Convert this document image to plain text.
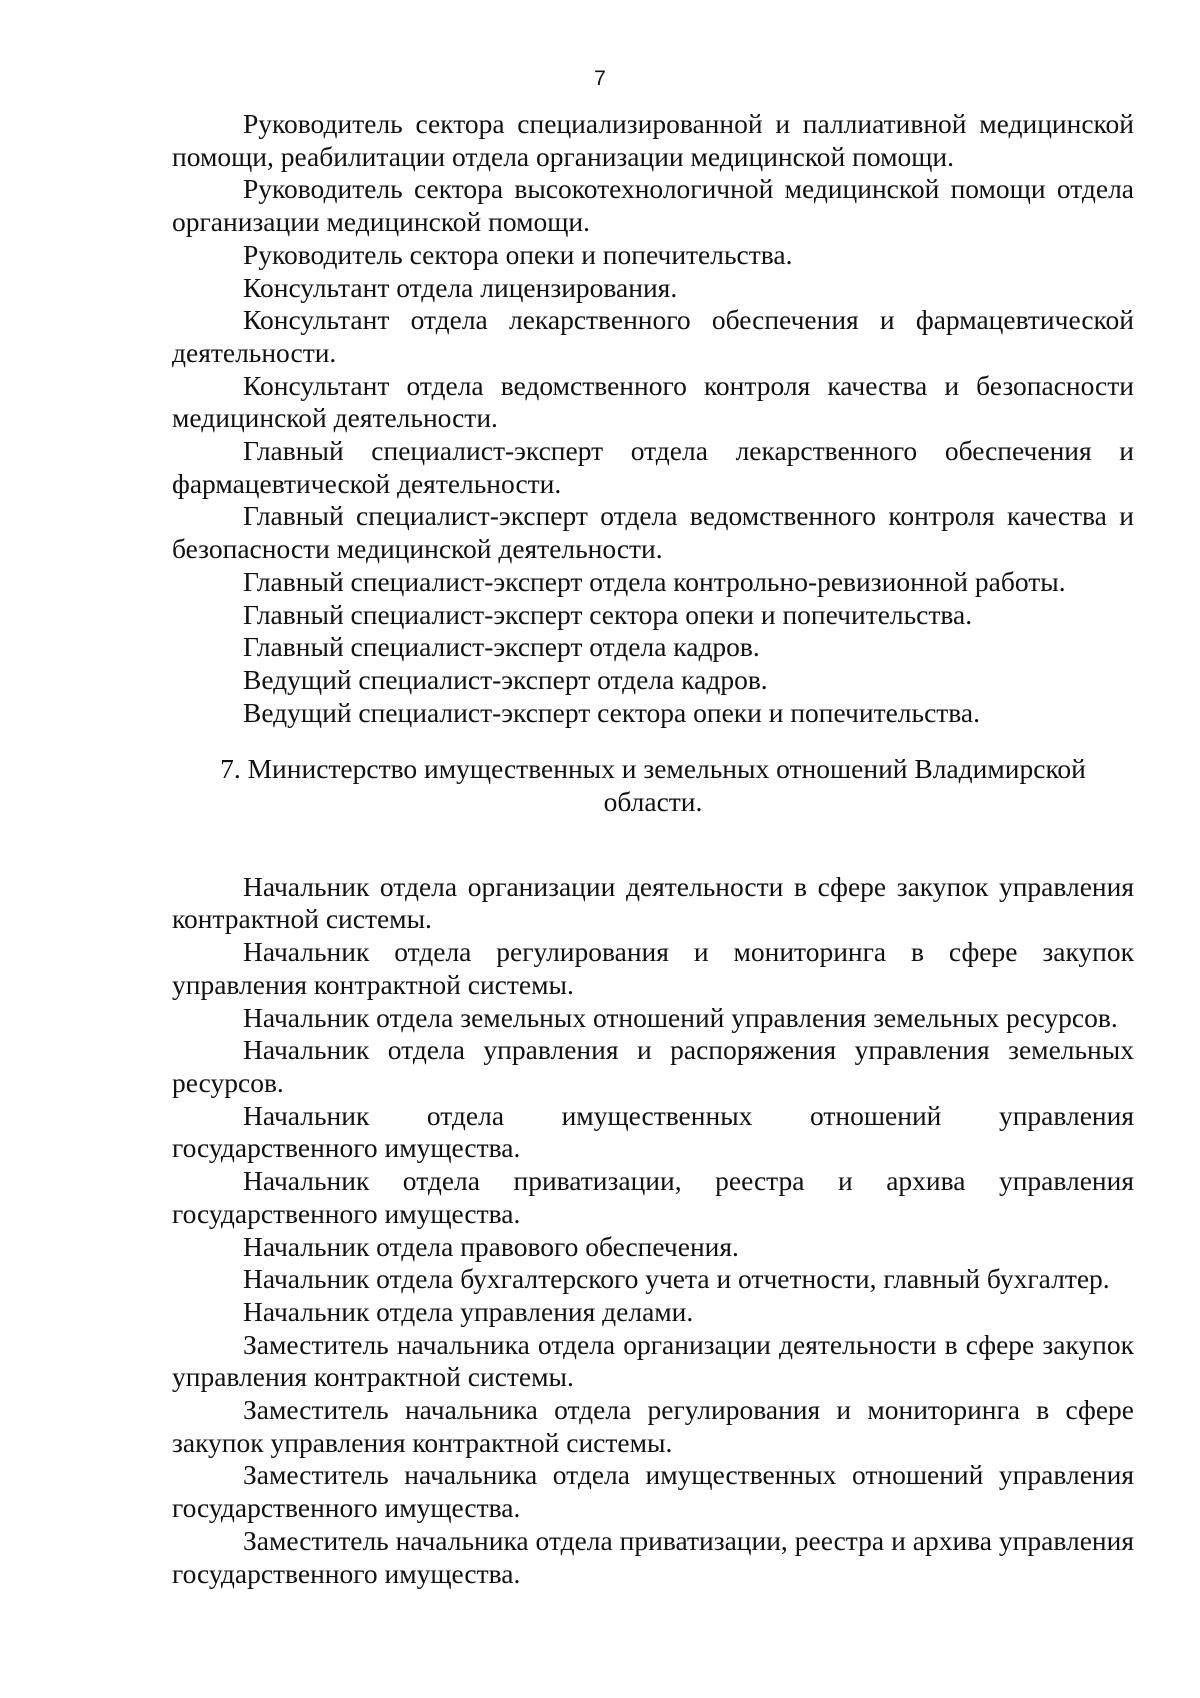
7

Руководитель сектора специализированной и паллиативной медицинской помощи, реабилитации отдела организации медицинской помощи.

Руководитель сектора высокотехнологичной медицинской помощи отдела организации медицинской помощи.

Руководитель сектора опеки и попечительства.

Консультант отдела лицензирования.

Консультант отдела лекарственного обеспечения и фармацевтической деятельности.

Консультант отдела ведомственного контроля качества и безопасности медицинской деятельности.

Главный специалист-эксперт отдела лекарственного обеспечения и фармацевтической деятельности.

Главный специалист-эксперт отдела ведомственного контроля качества и безопасности медицинской деятельности.

Главный специалист-эксперт отдела контрольно-ревизионной работы.

Главный специалист-эксперт сектора опеки и попечительства.

Главный специалист-эксперт отдела кадров.

Ведущий специалист-эксперт отдела кадров.

Ведущий специалист-эксперт сектора опеки и попечительства.

7. Министерство имущественных и земельных отношений Владимирской области.

Начальник отдела организации деятельности в сфере закупок управления контрактной системы.

Начальник отдела регулирования и мониторинга в сфере закупок управления контрактной системы.

Начальник отдела земельных отношений управления земельных ресурсов.

Начальник отдела управления и распоряжения управления земельных ресурсов.

Начальник отдела имущественных отношений управления государственного имущества.

Начальник отдела приватизации, реестра и архива управления государственного имущества.

Начальник отдела правового обеспечения.

Начальник отдела бухгалтерского учета и отчетности, главный бухгалтер.

Начальник отдела управления делами.

Заместитель начальника отдела организации деятельности в сфере закупок управления контрактной системы.

Заместитель начальника отдела регулирования и мониторинга в сфере закупок управления контрактной системы.

Заместитель начальника отдела имущественных отношений управления государственного имущества.

Заместитель начальника отдела приватизации, реестра и архива управления государственного имущества.
